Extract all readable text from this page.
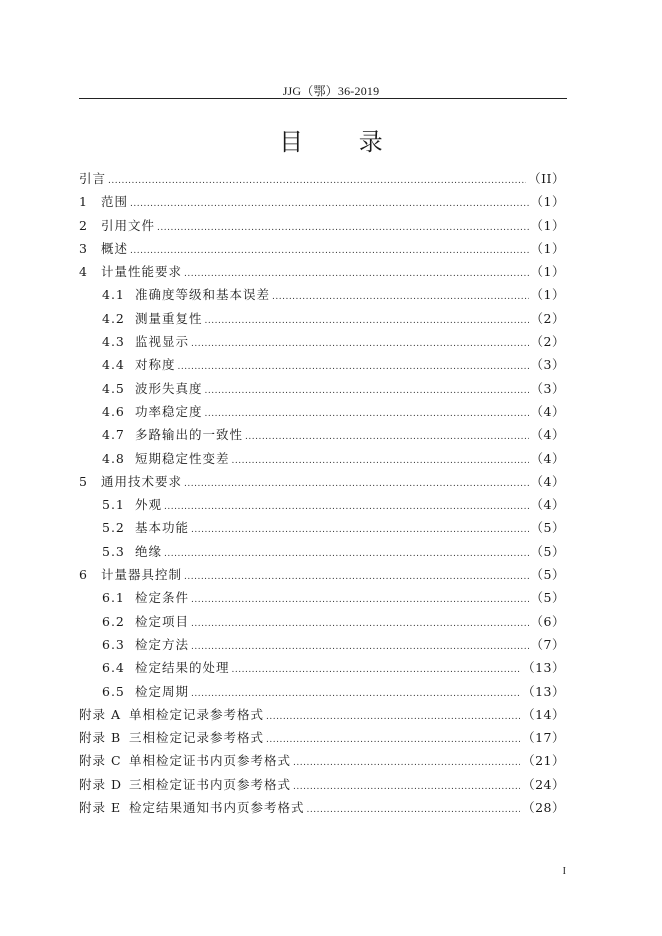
JJG（鄂）36-2019
目 录
引言 .....	（II）
1	范围 .....	（1）
2	引用文件 .....	（1）
3	概述 .....	（1）
4	计量性能要求 .....	（1）
4.1 准确度等级和基本误差 .....	（1）
4.2 测量重复性 .....	（2）
4.3 监视显示 .....	（2）
4.4 对称度 .....	（3）
4.5 波形失真度 .....	（3）
4.6 功率稳定度 .....	（4）
4.7 多路输出的一致性 .....	（4）
4.8 短期稳定性变差 .....	（4）
5	通用技术要求 .....	（4）
5.1 外观 .....	（4）
5.2 基本功能 .....	（5）
5.3 绝缘 .....	（5）
6	计量器具控制 .....	（5）
6.1 检定条件 .....	（5）
6.2 检定项目 .....	（6）
6.3 检定方法 .....	（7）
6.4 检定结果的处理 .....	（13）
6.5 检定周期 .....	（13）
附录 A 单相检定记录参考格式 .....	（14）
附录 B 三相检定记录参考格式 .....	（17）
附录 C 单相检定证书内页参考格式 .....	（21）
附录 D 三相检定证书内页参考格式 .....	（24）
附录 E 检定结果通知书内页参考格式 .....	（28）
I
